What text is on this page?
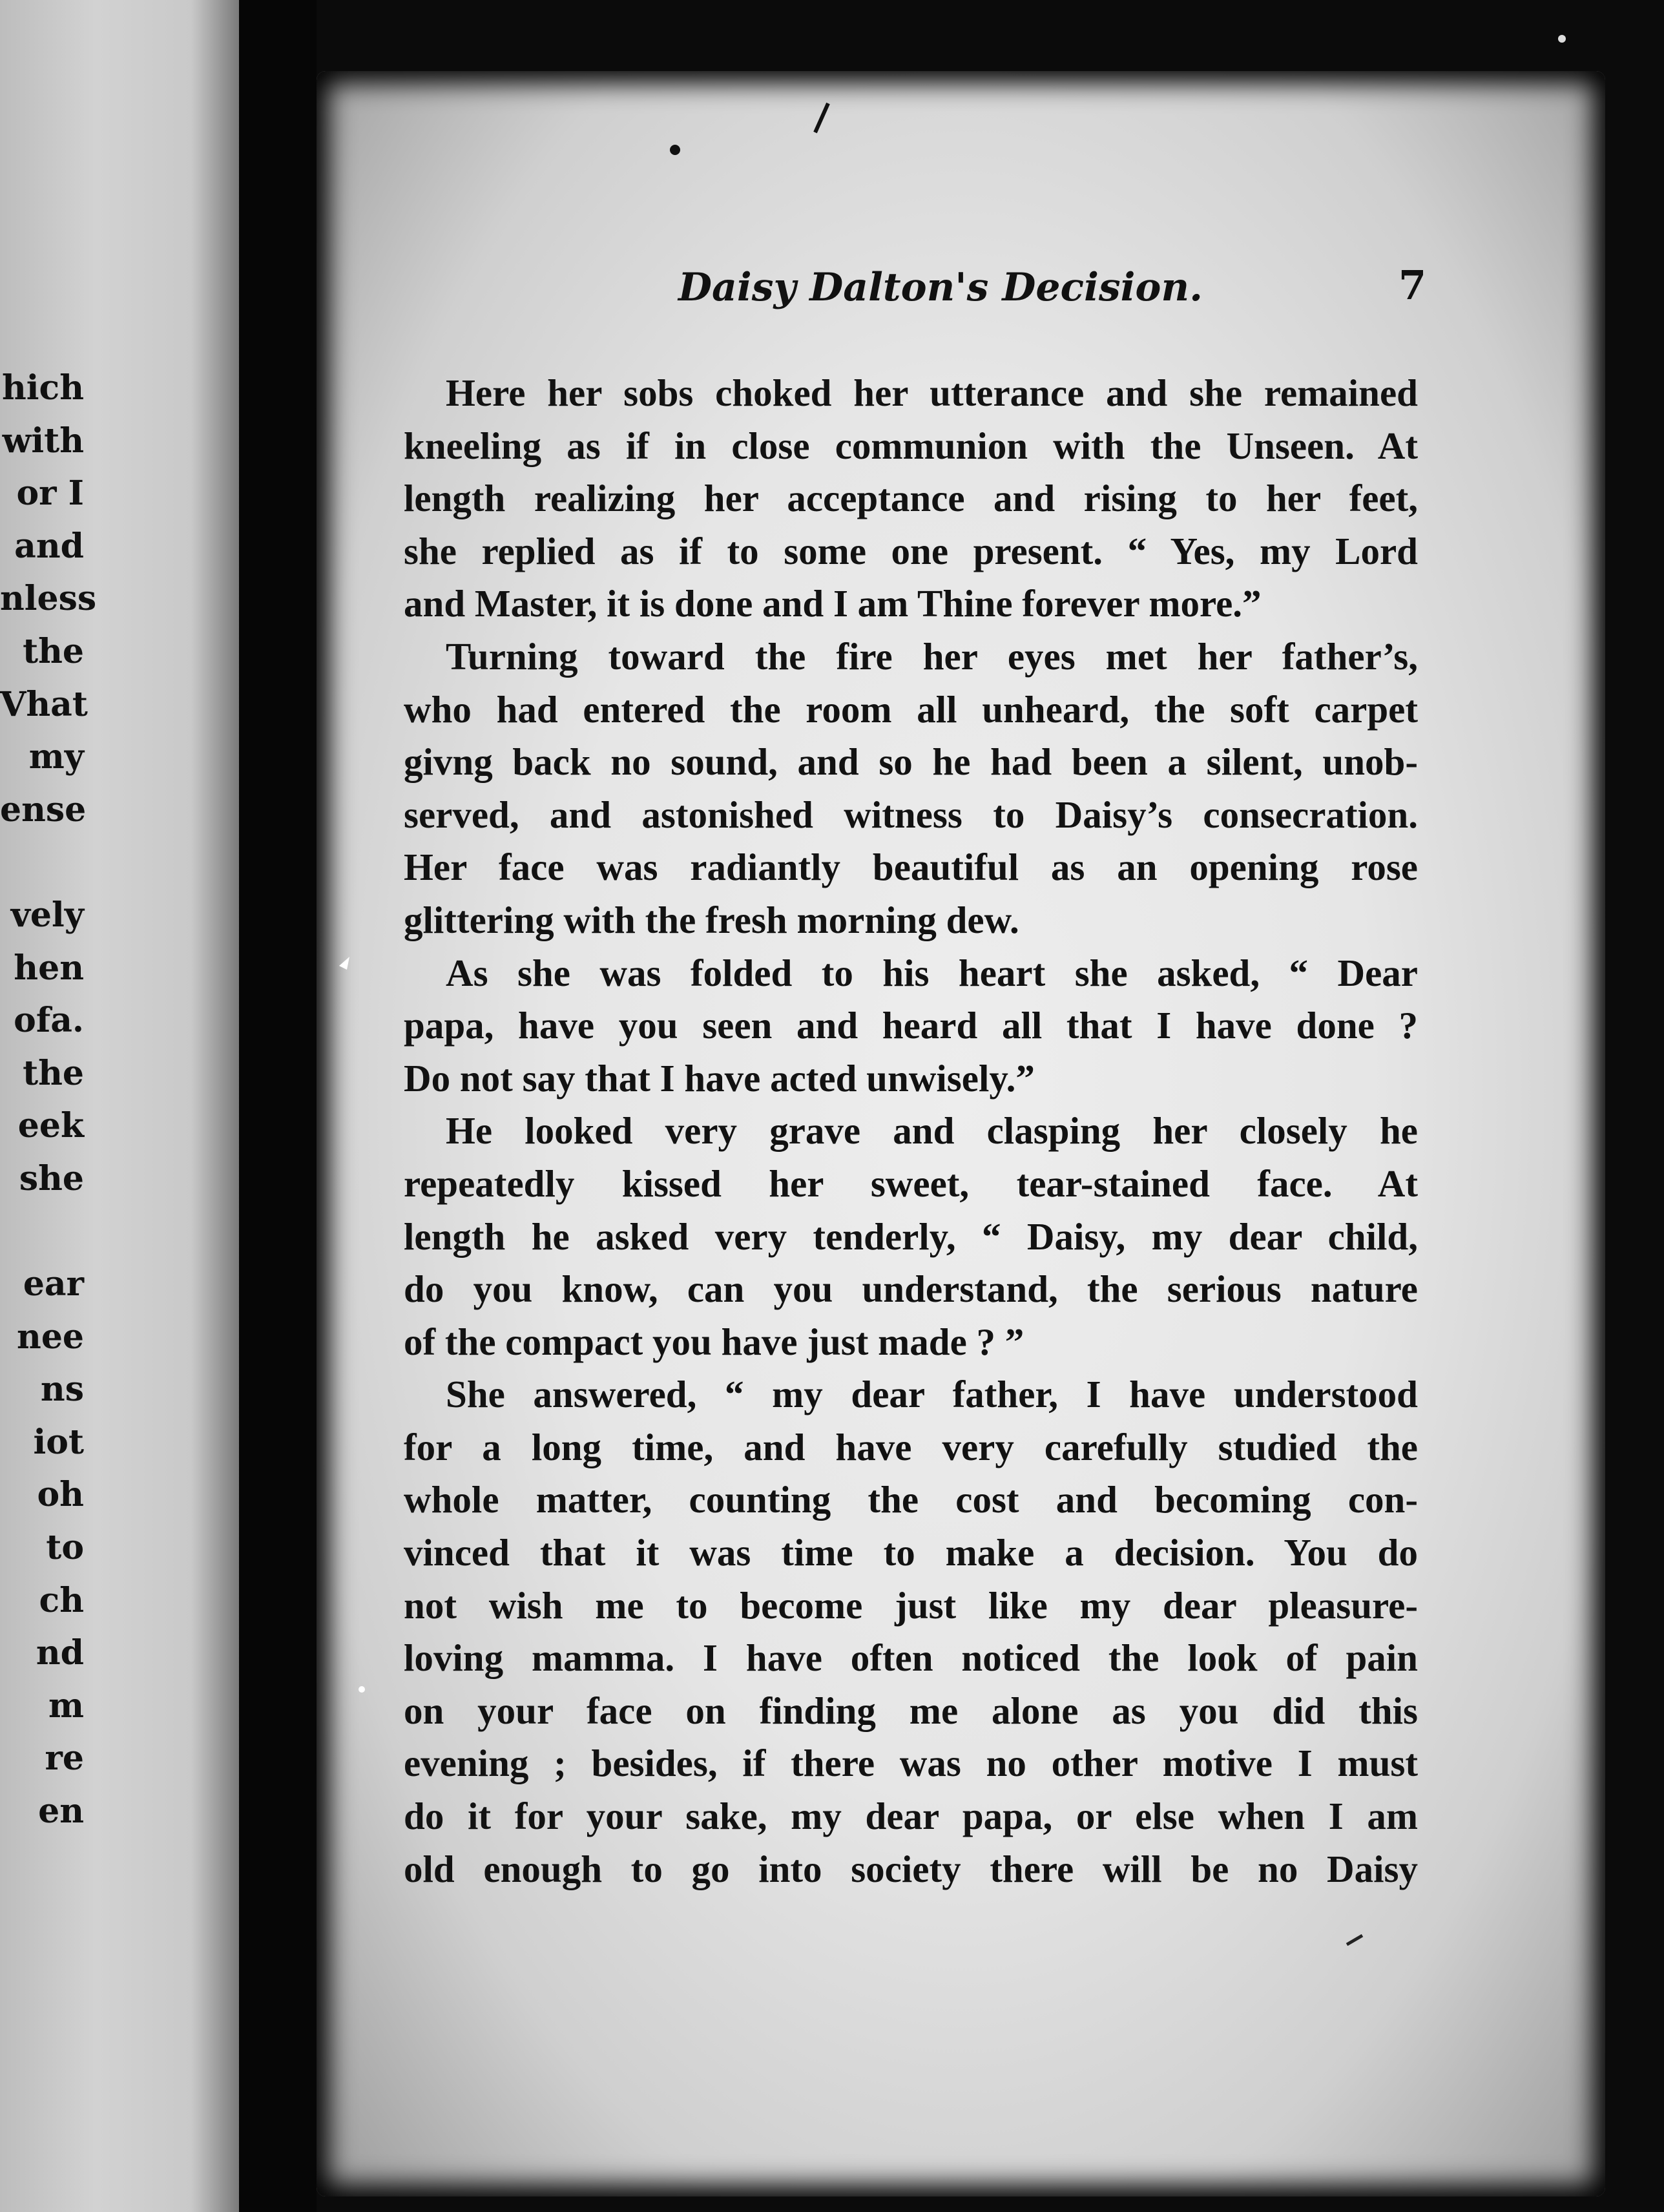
hich
with
or I
and
nless
the
Vhat
my
ense
vely
hen
ofa.
the
eek
she
ear
nee
ns
iot
oh
to
ch
nd
m
re
en
Daisy Dalton's Decision.	7
Here her sobs choked her utterance and she remained
kneeling as if in close communion with the Unseen. At
length realizing her acceptance and rising to her feet,
she replied as if to some one present. “ Yes, my Lord
and Master, it is done and I am Thine forever more.”
Turning toward the fire her eyes met her father’s,
who had entered the room all unheard, the soft carpet
givng back no sound, and so he had been a silent, unob-
served, and astonished witness to Daisy’s consecration.
Her face was radiantly beautiful as an opening rose
glittering with the fresh morning dew.
As she was folded to his heart she asked, “ Dear
papa, have you seen and heard all that I have done ?
Do not say that I have acted unwisely.”
He looked very grave and clasping her closely he
repeatedly kissed her sweet, tear-stained face. At
length he asked very tenderly, “ Daisy, my dear child,
do you know, can you understand, the serious nature
of the compact you have just made ? ”
She answered, “ my dear father, I have understood
for a long time, and have very carefully studied the
whole matter, counting the cost and becoming con-
vinced that it was time to make a decision. You do
not wish me to become just like my dear pleasure-
loving mamma. I have often noticed the look of pain
on your face on finding me alone as you did this
evening ; besides, if there was no other motive I must
do it for your sake, my dear papa, or else when I am
old enough to go into society there will be no Daisy
